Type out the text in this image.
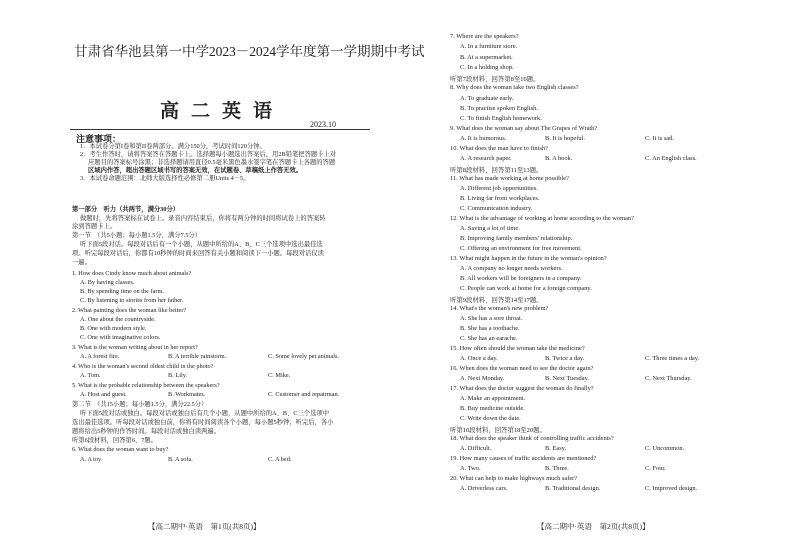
甘肃省华池县第一中学2023－2024学年度第一学期期中考试
高二英语
2023.10
注意事项：
1．本试卷分第I卷和第II卷两部分。满分150分，考试时间120分钟。
2．考生作答时，请将答案答在答题卡上。选择题每小题选出答案后，用2B铅笔把答题卡上对
应题目的答案标号涂黑；非选择题请用直径0.5毫米黑色墨水签字笔在答题卡上各题的答题
区域内作答，超出答题区域书写的答案无效，在试题卷、草稿纸上作答无效。
3．本试卷命题范围：北师大版选择性必修第二册Units 4－5。
第一部分　听力（共两节，满分30分）
做题时，先将答案标在试卷上。录音内容结束后，你将有两分钟的时间将试卷上的答案转
涂到答题卡上。
第一节　（共5小题；每小题1.5分，满分7.5分）
听下面5段对话。每段对话后有一个小题，从题中所给的A、B、C三个选项中选出最佳选
项。听完每段对话后，你都有10秒钟的时间来回答有关小题和阅读下一小题。每段对话仅读
一遍。
1. How does Cindy know much about animals?
A. By having classes.
B. By spending time on the farm.
C. By listening to stories from her father.
2. What painting does the woman like better?
A. One about the countryside.
B. One with modern style.
C. One with imaginative colors.
3. What is the woman writing about in her report?
A. A forest fire.	B. A terrible rainstorm.	C. Some lovely pet animals.
4. Who is the woman's second oldest child in the photo?
A. Tom.	B. Lily.	C. Mike.
5. What is the probable relationship between the speakers?
A. Host and guest.	B. Workmates.	C. Customer and repairman.
第二节　（共15小题；每小题1.5分，满分22.5分）
听下面5段对话或独白。每段对话或独白后有几个小题，从题中所给的A、B、C三个选项中
选出最佳选项。听每段对话或独白前，你将有时间阅读各个小题，每小题5秒钟；听完后，各小
题将给出5秒钟的作答时间。每段对话或独白读两遍。
听第6段材料，回答第6、7题。
6. What does the woman want to buy?
A. A toy.	B. A sofa.	C. A bed.
【高二期中·英语　第1页(共8页)】
7. Where are the speakers?
A. In a furniture store.
B. At a supermarket.
C. In a holding shop.
听第7段材料，回答第8至10题。
8. Why does the woman take two English classes?
A. To graduate early.
B. To practise spoken English.
C. To finish English homework.
9. What does the woman say about The Grapes of Wrath?
A. It is humorous.	B. It is hopeful.	C. It is sad.
10. What does the man have to finish?
A. A research paper.	B. A book.	C. An English class.
听第8段材料，回答第11至13题。
11. What has made working at home possible?
A. Different job opportunities.
B. Living far from workplaces.
C. Communication industry.
12. What is the advantage of working at home according to the woman?
A. Saving a lot of time.
B. Improving family members' relationship.
C. Offering an environment for free movement.
13. What might happen in the future in the woman's opinion?
A. A company no longer needs workers.
B. All workers will be foreigners in a company.
C. People can work at home for a foreign company.
听第9段材料，回答第14至17题。
14. What's the woman's new problem?
A. She has a sore throat.
B. She has a toothache.
C. She has an earache.
15. How often should the woman take the medicine?
A. Once a day.	B. Twice a day.	C. Three times a day.
16. When does the woman need to see the doctor again?
A. Next Monday.	B. Next Tuesday.	C. Next Thursday.
17. What does the doctor suggest the woman do finally?
A. Make an appointment.
B. Buy medicine outside.
C. Write down the date.
听第10段材料，回答第18至20题。
18. What does the speaker think of controlling traffic accidents?
A. Difficult.	B. Easy.	C. Uncommon.
19. How many causes of traffic accidents are mentioned?
A. Two.	B. Three.	C. Four.
20. What can help to make highways much safer?
A. Driverless cars.	B. Traditional design.	C. Improved design.
【高二期中·英语　第2页(共8页)】
